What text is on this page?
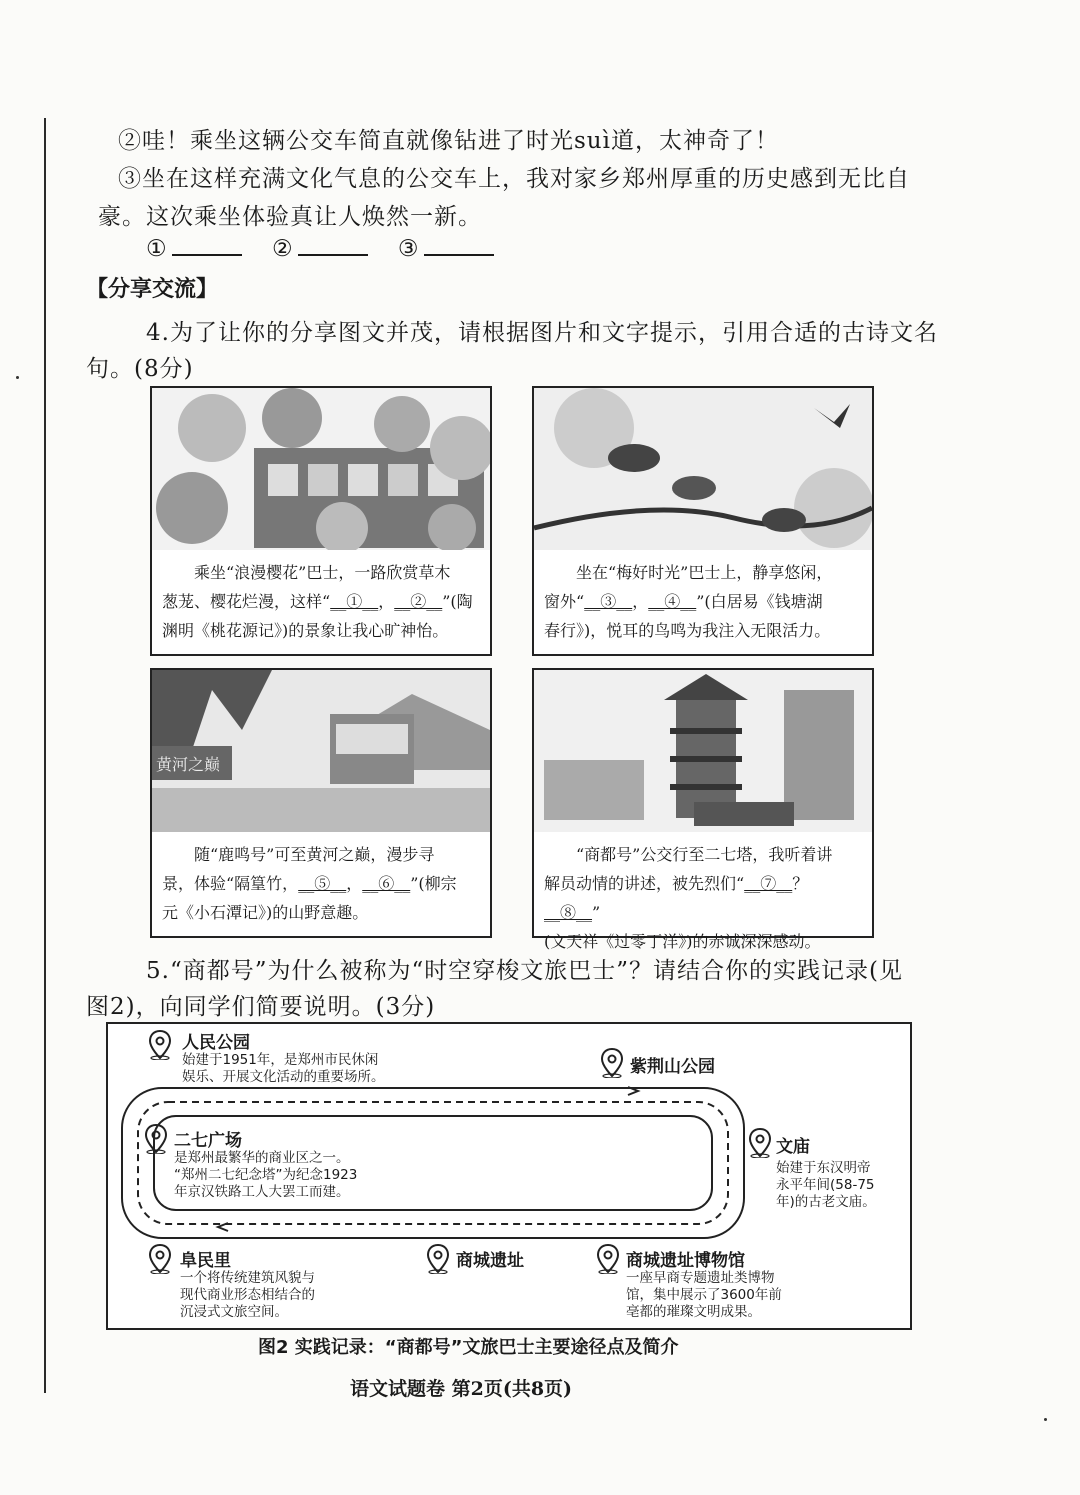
②哇！乘坐这辆公交车简直就像钻进了时光suì道，太神奇了！
③坐在这样充满文化气息的公交车上，我对家乡郑州厚重的历史感到无比自
豪。这次乘坐体验真让人焕然一新。
①	②	③
【分享交流】
4.为了让你的分享图文并茂，请根据图片和文字提示，引用合适的古诗文名
句。(8分)
乘坐“浪漫樱花”巴士，一路欣赏草木
葱茏、樱花烂漫，这样“__①__，__②__”(陶
渊明《桃花源记》)的景象让我心旷神怡。
坐在“梅好时光”巴士上，静享悠闲，
窗外“__③__，__④__”(白居易《钱塘湖
春行》)，悦耳的鸟鸣为我注入无限活力。
黄河之巅
随“鹿鸣号”可至黄河之巅，漫步寻
景，体验“隔篁竹，__⑤__，__⑥__”(柳宗
元《小石潭记》)的山野意趣。
“商都号”公交行至二七塔，我听着讲
解员动情的讲述，被先烈们“__⑦__？__⑧__”
(文天祥《过零丁洋》)的赤诚深深感动。
5.“商都号”为什么被称为“时空穿梭文旅巴士”？请结合你的实践记录(见
图2)，向同学们简要说明。(3分)
人民公园
始建于1951年，是郑州市民休闲
娱乐、开展文化活动的重要场所。	紫荆山公园
二七广场
是郑州最繁华的商业区之一。
“郑州二七纪念塔”为纪念1923
年京汉铁路工人大罢工而建。
文庙
始建于东汉明帝
永平年间(58-75
年)的古老文庙。
阜民里
一个将传统建筑风貌与
现代商业形态相结合的
沉浸式文旅空间。
商城遗址	商城遗址博物馆
一座早商专题遗址类博物
馆，集中展示了3600年前
亳都的璀璨文明成果。
图2 实践记录：“商都号”文旅巴士主要途径点及简介
语文试题卷 第2页(共8页)
